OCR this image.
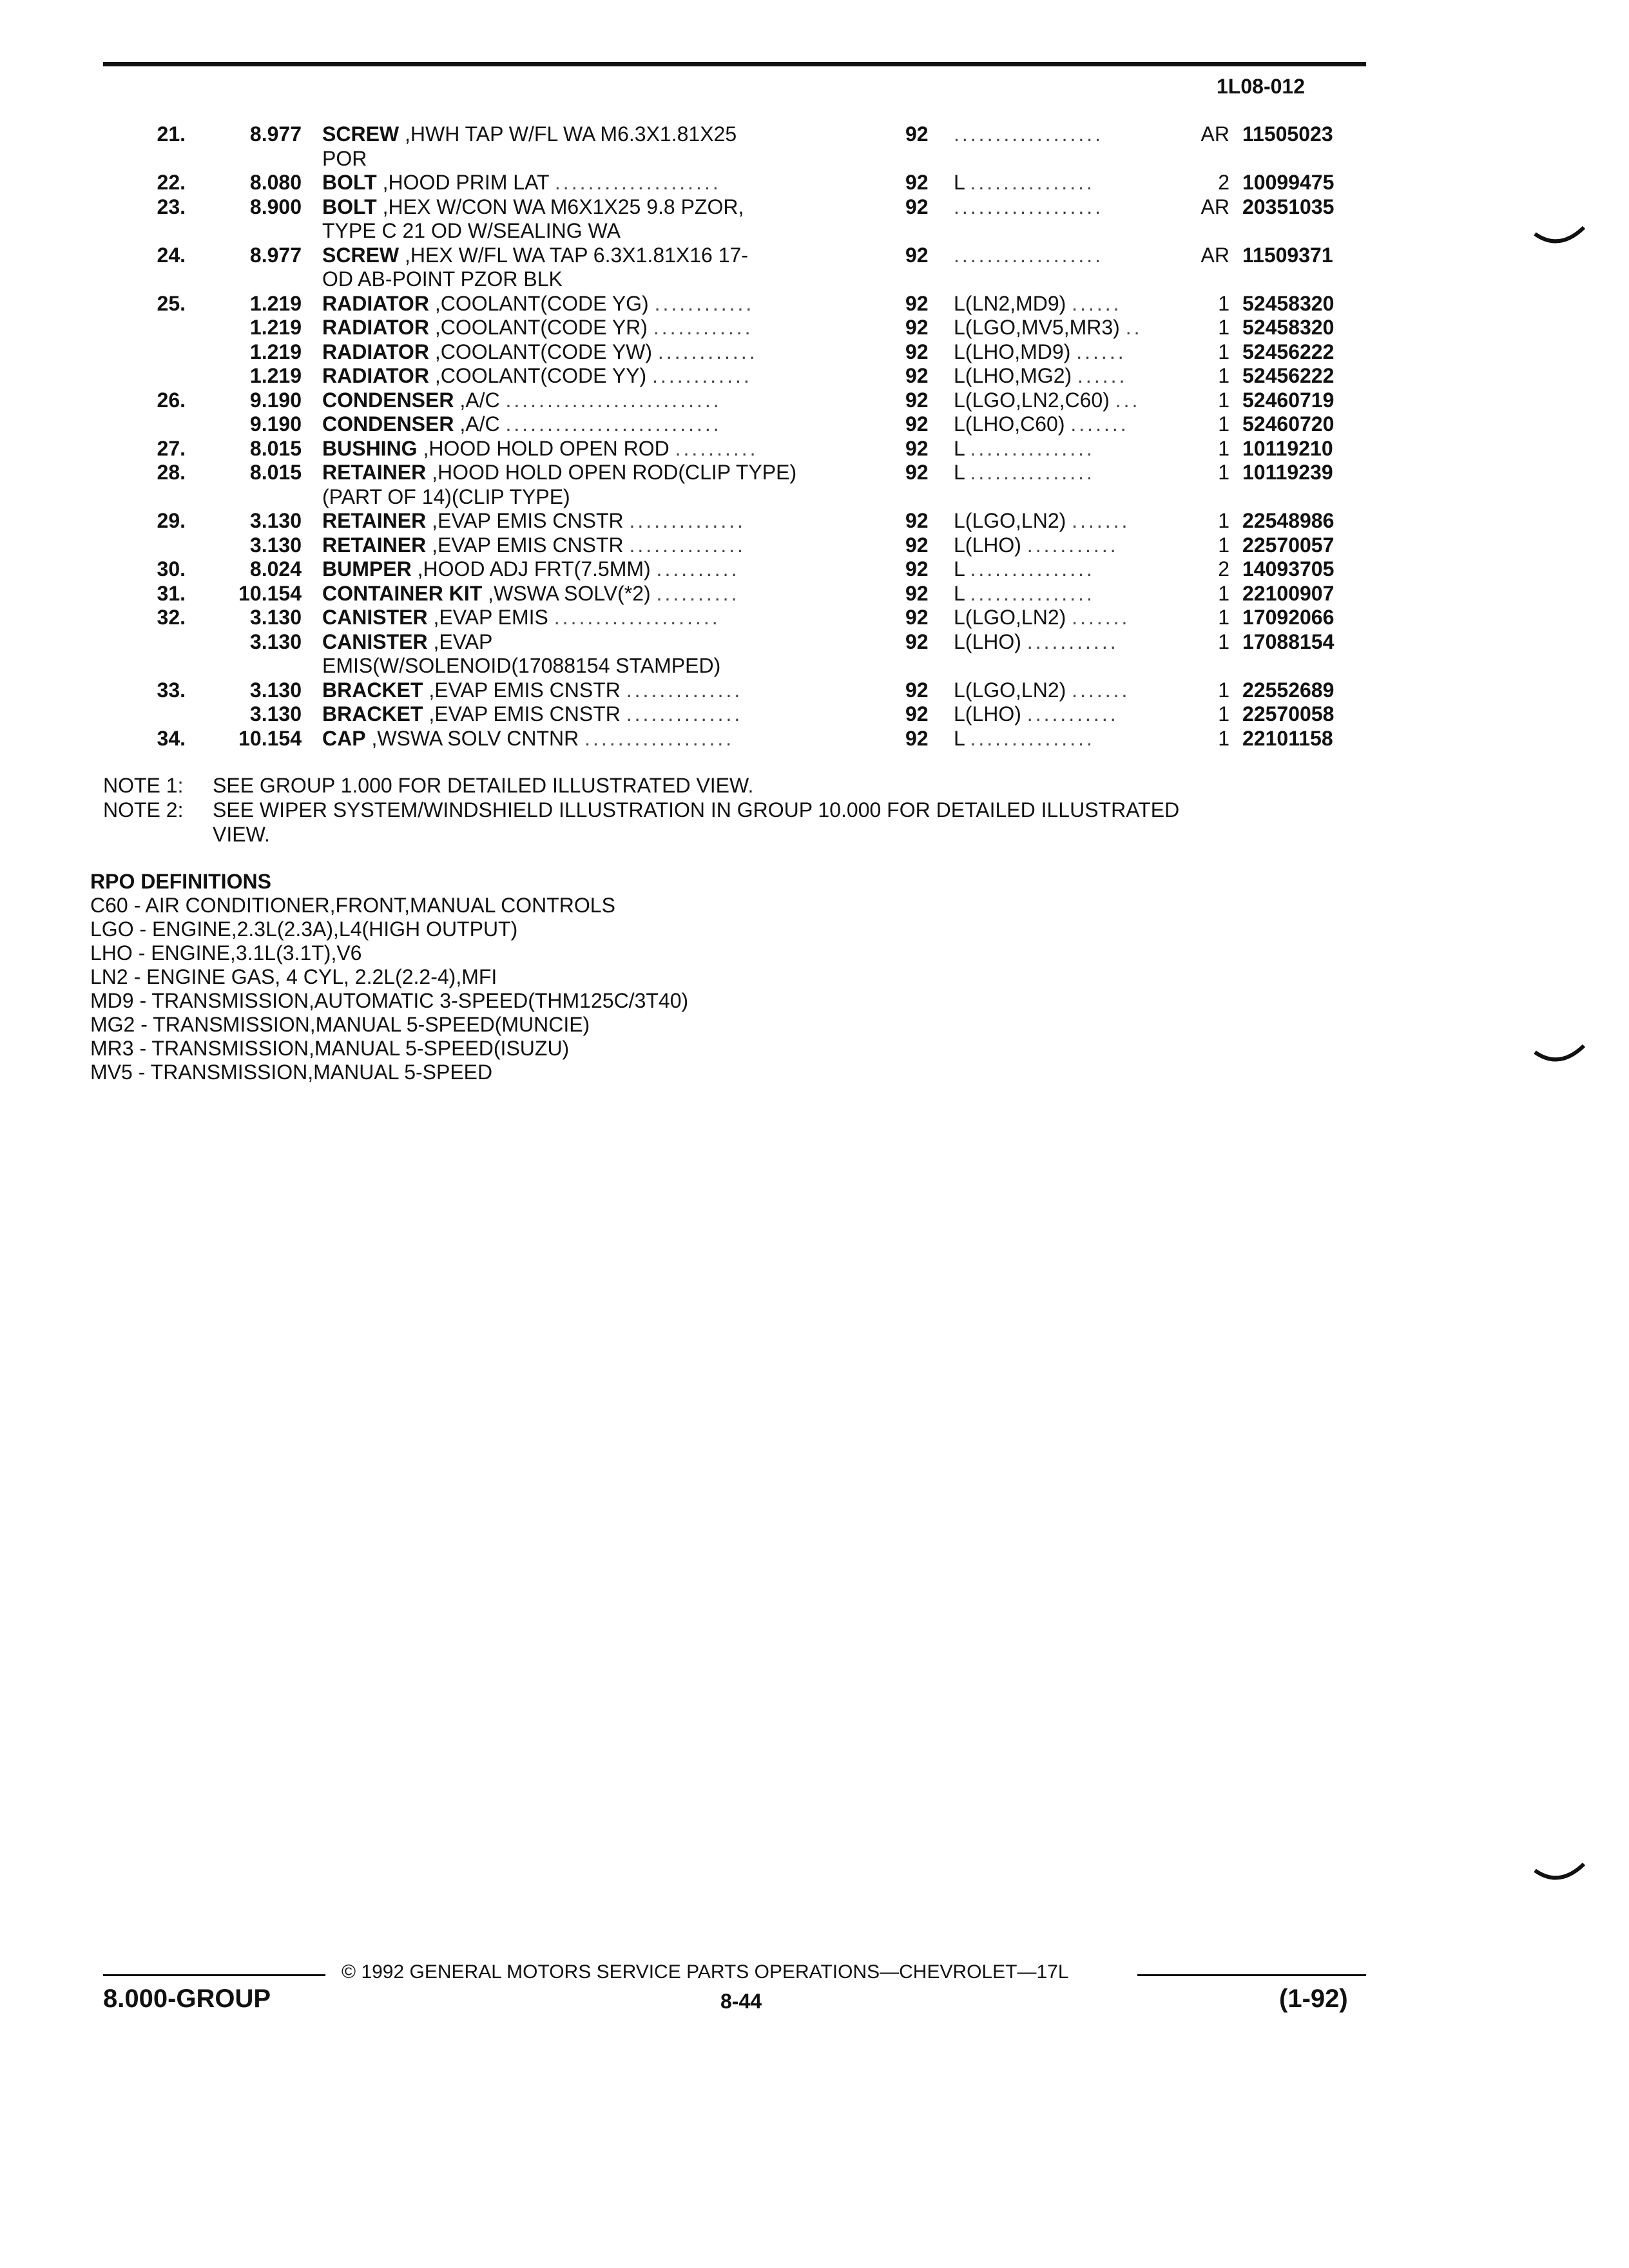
1L08-012
21.	8.977 SCREW ,HWH TAP W/FL WA M6.3X1.81X25	92 ..................	AR 11505023
POR
22.	8.080 BOLT ,HOOD PRIM LAT ....................	92 L ...............	2 10099475
23.	8.900 BOLT ,HEX W/CON WA M6X1X25 9.8 PZOR,	92 ..................	AR 20351035
TYPE C 21 OD W/SEALING WA
24.	8.977 SCREW ,HEX W/FL WA TAP 6.3X1.81X16 17-	92 ..................	AR 11509371
OD AB-POINT PZOR BLK
25.	1.219 RADIATOR ,COOLANT(CODE YG) ............	92 L(LN2,MD9) ......	1 52458320
1.219 RADIATOR ,COOLANT(CODE YR) ............	92 L(LGO,MV5,MR3) ..	1 52458320
1.219 RADIATOR ,COOLANT(CODE YW) ............	92 L(LHO,MD9) ......	1 52456222
1.219 RADIATOR ,COOLANT(CODE YY) ............	92 L(LHO,MG2) ......	1 52456222
26.	9.190 CONDENSER ,A/C ..........................	92 L(LGO,LN2,C60) ...	1 52460719
9.190 CONDENSER ,A/C ..........................	92 L(LHO,C60) .......	1 52460720
27.	8.015 BUSHING ,HOOD HOLD OPEN ROD ..........	92 L ...............	1 10119210
28.	8.015 RETAINER ,HOOD HOLD OPEN ROD(CLIP TYPE)	92 L ...............	1 10119239
(PART OF 14)(CLIP TYPE)
29.	3.130 RETAINER ,EVAP EMIS CNSTR ..............	92 L(LGO,LN2) .......	1 22548986
3.130 RETAINER ,EVAP EMIS CNSTR ..............	92 L(LHO) ...........	1 22570057
30.	8.024 BUMPER ,HOOD ADJ FRT(7.5MM) ..........	92 L ...............	2 14093705
31.	10.154 CONTAINER KIT ,WSWA SOLV(*2) ..........	92 L ...............	1 22100907
32.	3.130 CANISTER ,EVAP EMIS ....................	92 L(LGO,LN2) .......	1 17092066
3.130 CANISTER ,EVAP	92 L(LHO) ...........	1 17088154
EMIS(W/SOLENOID(17088154 STAMPED)
33.	3.130 BRACKET ,EVAP EMIS CNSTR ..............	92 L(LGO,LN2) .......	1 22552689
3.130 BRACKET ,EVAP EMIS CNSTR ..............	92 L(LHO) ...........	1 22570058
34.	10.154 CAP ,WSWA SOLV CNTNR ..................	92 L ...............	1 22101158
NOTE 1: SEE GROUP 1.000 FOR DETAILED ILLUSTRATED VIEW.
NOTE 2: SEE WIPER SYSTEM/WINDSHIELD ILLUSTRATION IN GROUP 10.000 FOR DETAILED ILLUSTRATED
VIEW.
RPO DEFINITIONS
C60 - AIR CONDITIONER,FRONT,MANUAL CONTROLS
LGO - ENGINE,2.3L(2.3A),L4(HIGH OUTPUT)
LHO - ENGINE,3.1L(3.1T),V6
LN2 - ENGINE GAS, 4 CYL, 2.2L(2.2-4),MFI
MD9 - TRANSMISSION,AUTOMATIC 3-SPEED(THM125C/3T40)
MG2 - TRANSMISSION,MANUAL 5-SPEED(MUNCIE)
MR3 - TRANSMISSION,MANUAL 5-SPEED(ISUZU)
MV5 - TRANSMISSION,MANUAL 5-SPEED
© 1992 GENERAL MOTORS SERVICE PARTS OPERATIONS—CHEVROLET—17L
8.000-GROUP	8-44	(1-92)
